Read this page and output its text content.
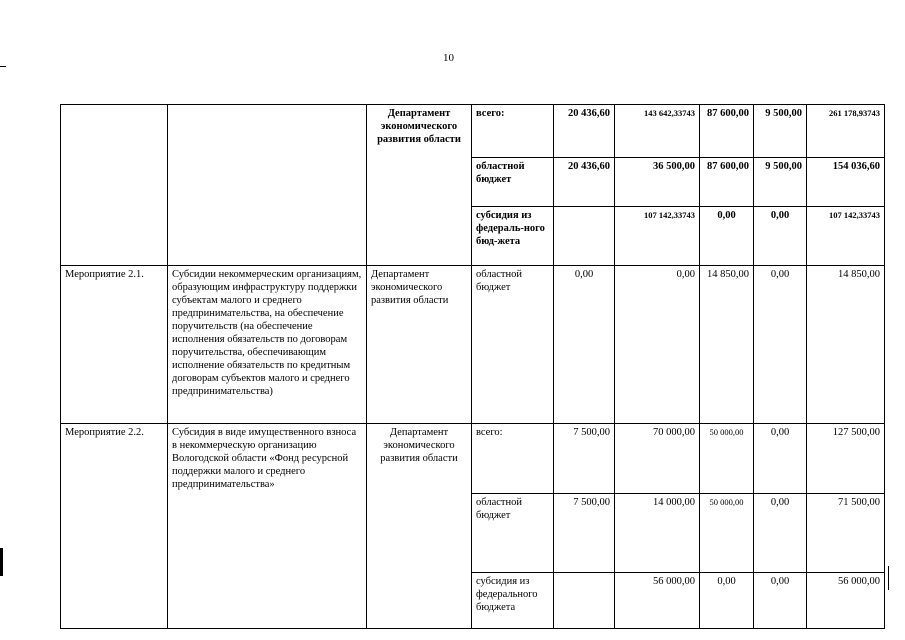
10
		Департамент экономического развития области	всего:	20 436,60	143 642,33743	87 600,00	9 500,00	261 178,93743
			областной бюджет	20 436,60	36 500,00	87 600,00	9 500,00	154 036,60
			субсидия из федераль-ного бюд-жета		107 142,33743	0,00	0,00	107 142,33743
Мероприятие 2.1.	Субсидии некоммерческим организациям, образующим инфраструктуру поддержки субъектам малого и среднего предпринимательства, на обеспечение поручительств (на обеспечение исполнения обязательств по договорам поручительства, обеспечивающим исполнение обязательств по кредитным договорам субъектов малого и среднего предпринимательства)	Департамент экономического развития области	областной бюджет	0,00	0,00	14 850,00	0,00	14 850,00
Мероприятие 2.2.	Субсидия в виде имущественного взноса в некоммерческую организацию Вологодской области «Фонд ресурсной поддержки малого и среднего предпринимательства»	Департамент экономического развития области	всего:	7 500,00	70 000,00	50 000,00	0,00	127 500,00
			областной бюджет	7 500,00	14 000,00	50 000,00	0,00	71 500,00
			субсидия из федерального бюджета		56 000,00	0,00	0,00	56 000,00
